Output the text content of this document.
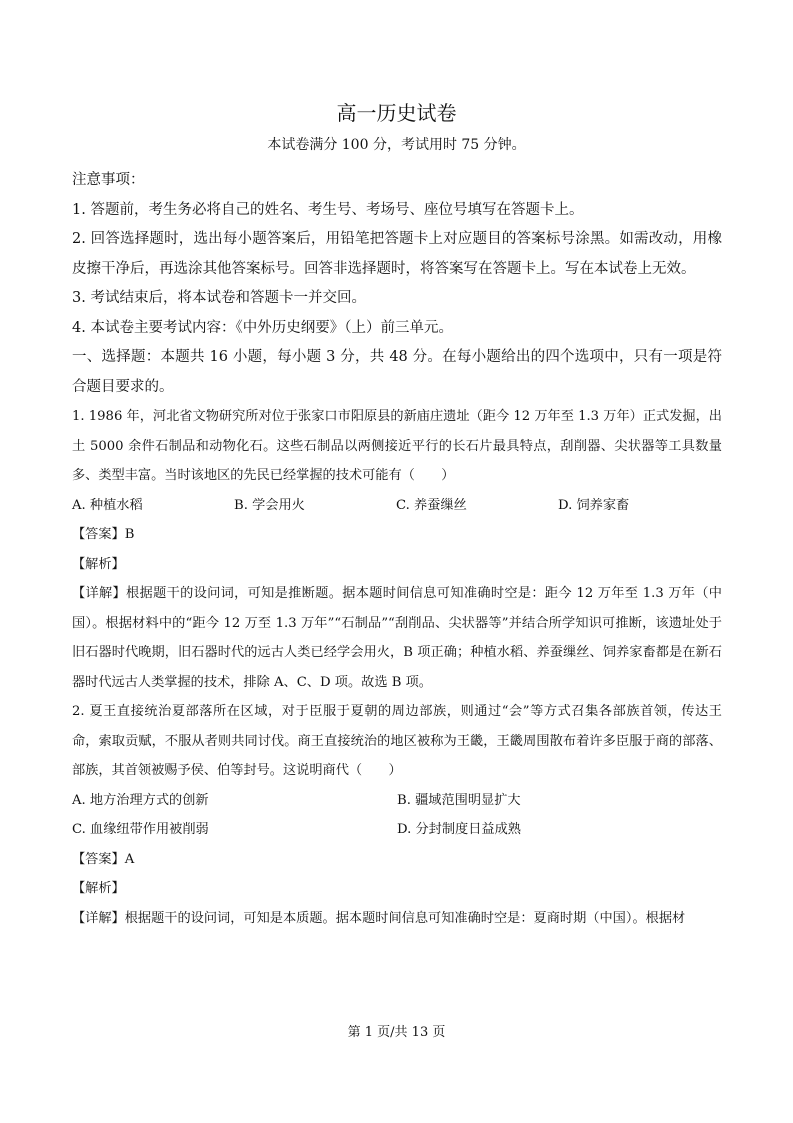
高一历史试卷
本试卷满分 100 分，考试用时 75 分钟。

注意事项：

1. 答题前，考生务必将自己的姓名、考生号、考场号、座位号填写在答题卡上。

2. 回答选择题时，选出每小题答案后，用铅笔把答题卡上对应题目的答案标号涂黑。如需改动，用橡皮擦干净后，再选涂其他答案标号。回答非选择题时，将答案写在答题卡上。写在本试卷上无效。

3. 考试结束后，将本试卷和答题卡一并交回。

4. 本试卷主要考试内容：《中外历史纲要》（上）前三单元。

一、选择题：本题共 16 小题，每小题 3 分，共 48 分。在每小题给出的四个选项中，只有一项是符合题目要求的。

1. 1986 年，河北省文物研究所对位于张家口市阳原县的新庙庄遗址（距今 12 万年至 1.3 万年）正式发掘，出土 5000 余件石制品和动物化石。这些石制品以两侧接近平行的长石片最具特点，刮削器、尖状器等工具数量多、类型丰富。当时该地区的先民已经掌握的技术可能有（　　）

A. 种植水稻	B. 学会用火	C. 养蚕缫丝	D. 饲养家畜
【答案】B
【解析】

【详解】根据题干的设问词，可知是推断题。据本题时间信息可知准确时空是：距今 12 万年至 1.3 万年（中国）。根据材料中的“距今 12 万至 1.3 万年”“石制品”“刮削品、尖状器等”并结合所学知识可推断，该遗址处于旧石器时代晚期，旧石器时代的远古人类已经学会用火，B 项正确；种植水稻、养蚕缫丝、饲养家畜都是在新石器时代远古人类掌握的技术，排除 A、C、D 项。故选 B 项。

2. 夏王直接统治夏部落所在区域，对于臣服于夏朝的周边部族，则通过“会”等方式召集各部族首领，传达王命，索取贡赋，不服从者则共同讨伐。商王直接统治的地区被称为王畿，王畿周围散布着许多臣服于商的部落、部族，其首领被赐予侯、伯等封号。这说明商代（　　）

A. 地方治理方式的创新	B. 疆域范围明显扩大
C. 血缘纽带作用被削弱	D. 分封制度日益成熟
【答案】A
【解析】

【详解】根据题干的设问词，可知是本质题。据本题时间信息可知准确时空是：夏商时期（中国）。根据材

第 1 页/共 13 页
